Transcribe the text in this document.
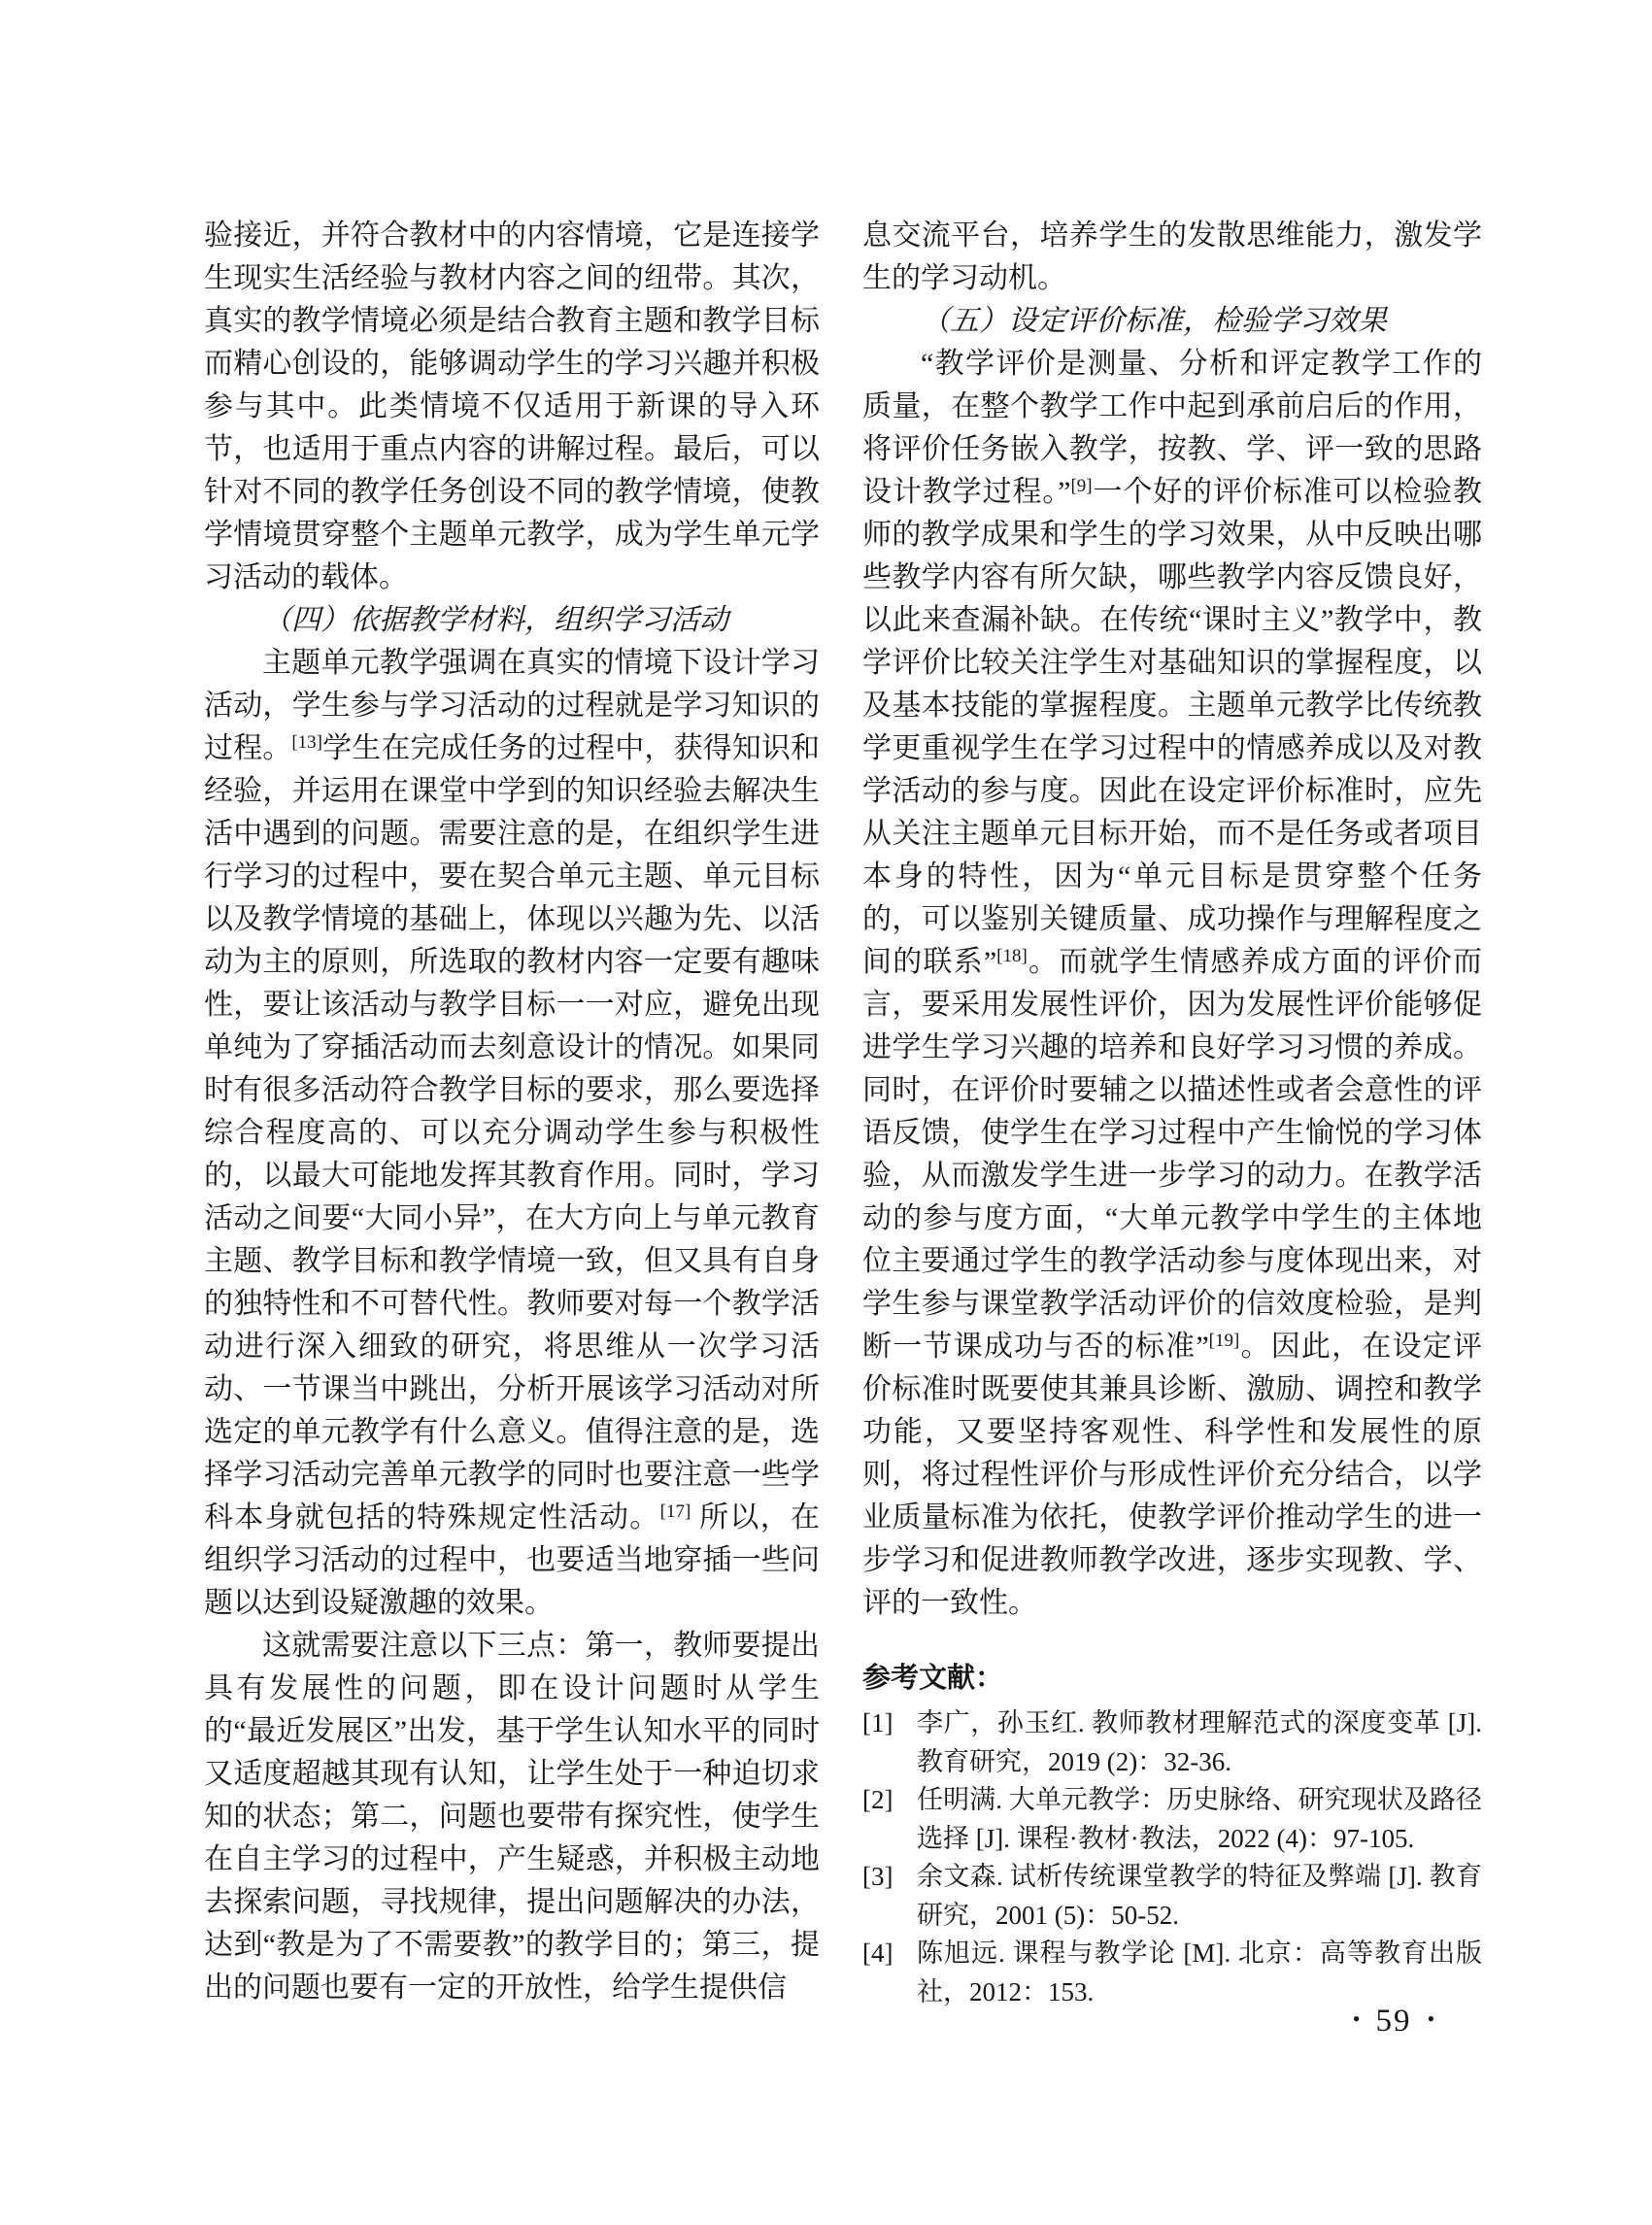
验接近，并符合教材中的内容情境，它是连接学生现实生活经验与教材内容之间的纽带。其次，真实的教学情境必须是结合教育主题和教学目标而精心创设的，能够调动学生的学习兴趣并积极参与其中。此类情境不仅适用于新课的导入环节，也适用于重点内容的讲解过程。最后，可以针对不同的教学任务创设不同的教学情境，使教学情境贯穿整个主题单元教学，成为学生单元学习活动的载体。

（四）依据教学材料，组织学习活动

主题单元教学强调在真实的情境下设计学习活动，学生参与学习活动的过程就是学习知识的过程。[13]学生在完成任务的过程中，获得知识和经验，并运用在课堂中学到的知识经验去解决生活中遇到的问题。需要注意的是，在组织学生进行学习的过程中，要在契合单元主题、单元目标以及教学情境的基础上，体现以兴趣为先、以活动为主的原则，所选取的教材内容一定要有趣味性，要让该活动与教学目标一一对应，避免出现单纯为了穿插活动而去刻意设计的情况。如果同时有很多活动符合教学目标的要求，那么要选择综合程度高的、可以充分调动学生参与积极性的，以最大可能地发挥其教育作用。同时，学习活动之间要“大同小异”，在大方向上与单元教育主题、教学目标和教学情境一致，但又具有自身的独特性和不可替代性。教师要对每一个教学活动进行深入细致的研究，将思维从一次学习活动、一节课当中跳出，分析开展该学习活动对所选定的单元教学有什么意义。值得注意的是，选择学习活动完善单元教学的同时也要注意一些学科本身就包括的特殊规定性活动。[17] 所以，在组织学习活动的过程中，也要适当地穿插一些问题以达到设疑激趣的效果。

这就需要注意以下三点：第一，教师要提出具有发展性的问题，即在设计问题时从学生的“最近发展区”出发，基于学生认知水平的同时又适度超越其现有认知，让学生处于一种迫切求知的状态；第二，问题也要带有探究性，使学生在自主学习的过程中，产生疑惑，并积极主动地去探索问题，寻找规律，提出问题解决的办法，达到“教是为了不需要教”的教学目的；第三，提出的问题也要有一定的开放性，给学生提供信

息交流平台，培养学生的发散思维能力，激发学生的学习动机。

（五）设定评价标准，检验学习效果

“教学评价是测量、分析和评定教学工作的质量，在整个教学工作中起到承前启后的作用，将评价任务嵌入教学，按教、学、评一致的思路设计教学过程。”[9]一个好的评价标准可以检验教师的教学成果和学生的学习效果，从中反映出哪些教学内容有所欠缺，哪些教学内容反馈良好，以此来查漏补缺。在传统“课时主义”教学中，教学评价比较关注学生对基础知识的掌握程度，以及基本技能的掌握程度。主题单元教学比传统教学更重视学生在学习过程中的情感养成以及对教学活动的参与度。因此在设定评价标准时，应先从关注主题单元目标开始，而不是任务或者项目本身的特性，因为“单元目标是贯穿整个任务的，可以鉴别关键质量、成功操作与理解程度之间的联系”[18]。而就学生情感养成方面的评价而言，要采用发展性评价，因为发展性评价能够促进学生学习兴趣的培养和良好学习习惯的养成。同时，在评价时要辅之以描述性或者会意性的评语反馈，使学生在学习过程中产生愉悦的学习体验，从而激发学生进一步学习的动力。在教学活动的参与度方面，“大单元教学中学生的主体地位主要通过学生的教学活动参与度体现出来，对学生参与课堂教学活动评价的信效度检验，是判断一节课成功与否的标准”[19]。因此，在设定评价标准时既要使其兼具诊断、激励、调控和教学功能，又要坚持客观性、科学性和发展性的原则，将过程性评价与形成性评价充分结合，以学业质量标准为依托，使教学评价推动学生的进一步学习和促进教师教学改进，逐步实现教、学、评的一致性。

参考文献：
[1] 李广，孙玉红. 教师教材理解范式的深度变革 [J]. 教育研究，2019 (2)：32-36.
[2] 任明满. 大单元教学：历史脉络、研究现状及路径选择 [J]. 课程·教材·教法，2022 (4)：97-105.
[3] 余文森. 试析传统课堂教学的特征及弊端 [J]. 教育研究，2001 (5)：50-52.
[4] 陈旭远. 课程与教学论 [M]. 北京：高等教育出版社，2012：153.
• 59 •
